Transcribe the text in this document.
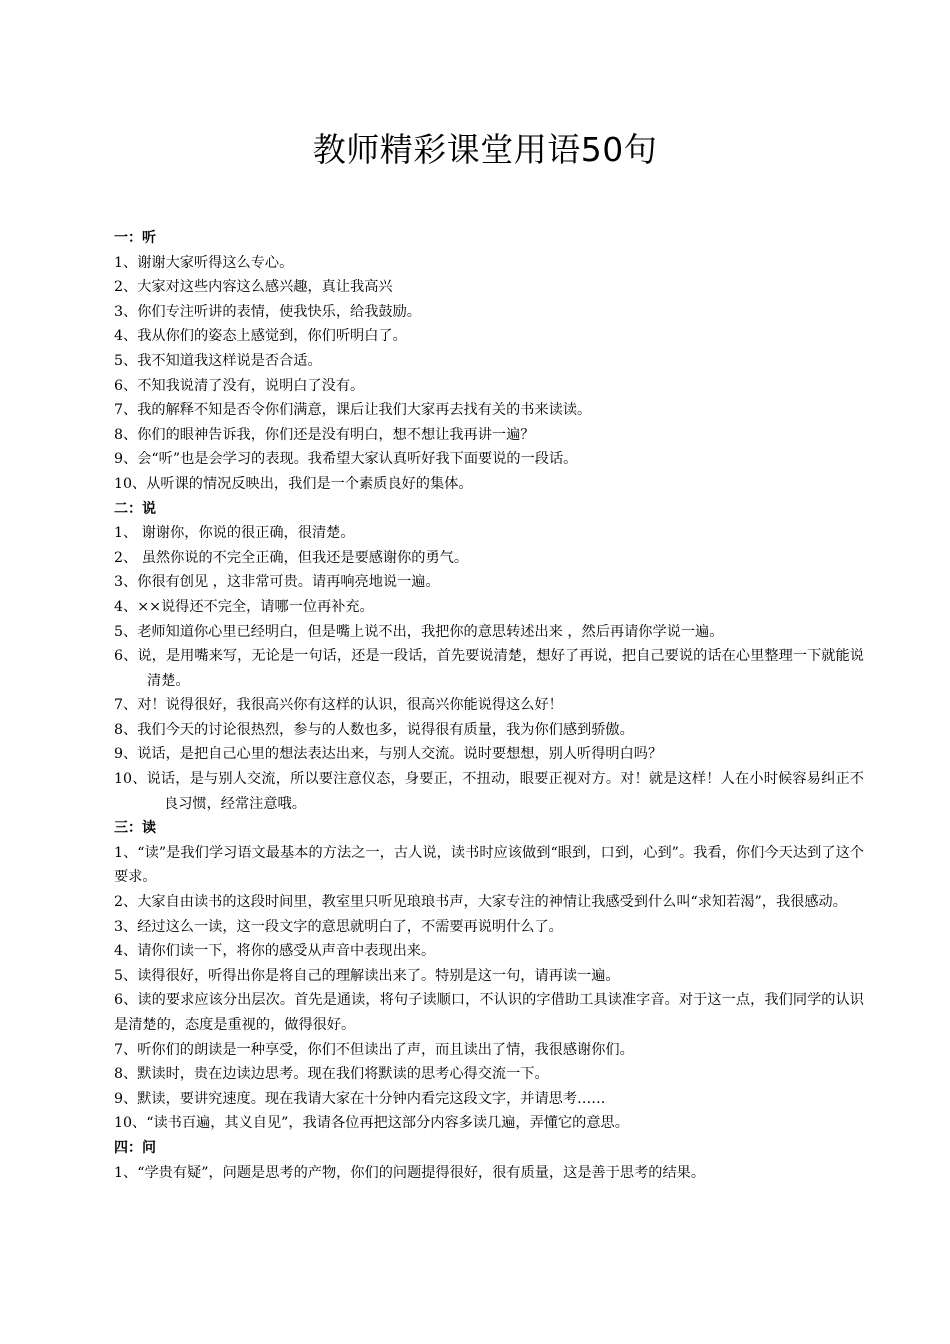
教师精彩课堂用语50句
一：听
1、谢谢大家听得这么专心。
2、大家对这些内容这么感兴趣，真让我高兴
3、你们专注听讲的表情，使我快乐，给我鼓励。
4、我从你们的姿态上感觉到，你们听明白了。
5、我不知道我这样说是否合适。
6、不知我说清了没有，说明白了没有。
7、我的解释不知是否令你们满意，课后让我们大家再去找有关的书来读读。
8、你们的眼神告诉我，你们还是没有明白，想不想让我再讲一遍？
9、会“听”也是会学习的表现。我希望大家认真听好我下面要说的一段话。
10、从听课的情况反映出，我们是一个素质良好的集体。
二：说
1、 谢谢你，你说的很正确，很清楚。
2、 虽然你说的不完全正确，但我还是要感谢你的勇气。
3、你很有创见 ，这非常可贵。请再响亮地说一遍。
4、××说得还不完全，请哪一位再补充。
5、老师知道你心里已经明白，但是嘴上说不出，我把你的意思转述出来 ，然后再请你学说一遍。
6、说，是用嘴来写，无论是一句话，还是一段话，首先要说清楚，想好了再说，把自己要说的话在心里整理一下就能说清楚。
7、对！说得很好，我很高兴你有这样的认识，很高兴你能说得这么好！
8、我们今天的讨论很热烈，参与的人数也多，说得很有质量，我为你们感到骄傲。
9、说话，是把自己心里的想法表达出来，与别人交流。说时要想想，别人听得明白吗？
10、说话，是与别人交流，所以要注意仪态，身要正，不扭动，眼要正视对方。对！就是这样！人在小时候容易纠正不良习惯，经常注意哦。
三：读
1、“读”是我们学习语文最基本的方法之一，古人说，读书时应该做到“眼到，口到，心到”。我看，你们今天达到了这个要求。
2、大家自由读书的这段时间里，教室里只听见琅琅书声，大家专注的神情让我感受到什么叫“求知若渴”，我很感动。
3、经过这么一读，这一段文字的意思就明白了，不需要再说明什么了。
4、请你们读一下，将你的感受从声音中表现出来。
5、读得很好，听得出你是将自己的理解读出来了。特别是这一句，请再读一遍。
6、读的要求应该分出层次。首先是通读，将句子读顺口，不认识的字借助工具读准字音。对于这一点，我们同学的认识是清楚的，态度是重视的，做得很好。
7、听你们的朗读是一种享受，你们不但读出了声，而且读出了情，我很感谢你们。
8、默读时，贵在边读边思考。现在我们将默读的思考心得交流一下。
9、默读，要讲究速度。现在我请大家在十分钟内看完这段文字，并请思考……
10、“读书百遍，其义自见”，我请各位再把这部分内容多读几遍，弄懂它的意思。
四：问
1、“学贵有疑”，问题是思考的产物，你们的问题提得很好，很有质量，这是善于思考的结果。
